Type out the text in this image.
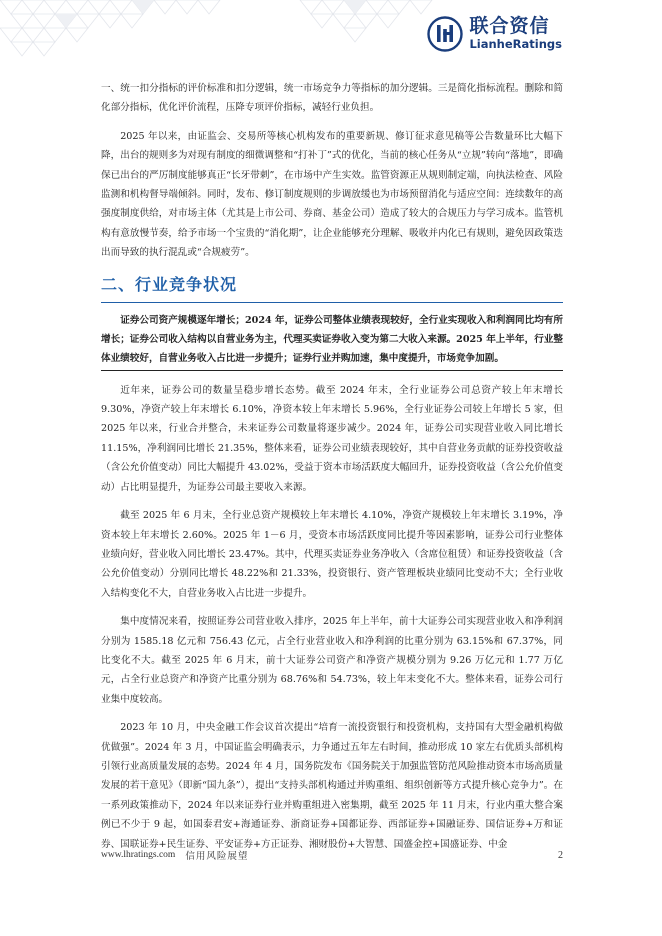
联合资信
LianheRatings

一、统一扣分指标的评价标准和扣分逻辑，统一市场竞争力等指标的加分逻辑。三是简化指标流程。删除和简化部分指标，优化评价流程，压降专项评价指标，减轻行业负担。

2025 年以来，由证监会、交易所等核心机构发布的重要新规、修订征求意见稿等公告数量环比大幅下降，出台的规则多为对现有制度的细微调整和“打补丁”式的优化，当前的核心任务从“立规”转向“落地”，即确保已出台的严厉制度能够真正“长牙带刺”，在市场中产生实效。监管资源正从规则制定端，向执法检查、风险监测和机构督导端倾斜。同时，发布、修订制度规则的步调放缓也为市场预留消化与适应空间：连续数年的高强度制度供给，对市场主体（尤其是上市公司、券商、基金公司）造成了较大的合规压力与学习成本。监管机构有意放慢节奏，给予市场一个宝贵的“消化期”，让企业能够充分理解、吸收并内化已有规则，避免因政策迭出而导致的执行混乱或“合规疲劳”。

二、行业竞争状况

证券公司资产规模逐年增长；2024 年，证券公司整体业绩表现较好，全行业实现收入和利润同比均有所增长；证券公司收入结构以自营业务为主，代理买卖证券收入变为第二大收入来源。2025 年上半年，行业整体业绩较好，自营业务收入占比进一步提升；证券行业并购加速，集中度提升，市场竞争加剧。

近年来，证券公司的数量呈稳步增长态势。截至 2024 年末，全行业证券公司总资产较上年末增长 9.30%，净资产较上年末增长 6.10%，净资本较上年末增长 5.96%，全行业证券公司较上年增长 5 家，但 2025 年以来，行业合并整合，未来证券公司数量将逐步减少。2024 年，证券公司实现营业收入同比增长 11.15%，净利润同比增长 21.35%，整体来看，证券公司业绩表现较好，其中自营业务贡献的证券投资收益（含公允价值变动）同比大幅提升 43.02%，受益于资本市场活跃度大幅回升，证券投资收益（含公允价值变动）占比明显提升，为证券公司最主要收入来源。

截至 2025 年 6 月末，全行业总资产规模较上年末增长 4.10%，净资产规模较上年末增长 3.19%，净资本较上年末增长 2.60%。2025 年 1－6 月，受资本市场活跃度同比提升等因素影响，证券公司行业整体业绩向好，营业收入同比增长 23.47%。其中，代理买卖证券业务净收入（含席位租赁）和证券投资收益（含公允价值变动）分别同比增长 48.22%和 21.33%，投资银行、资产管理板块业绩同比变动不大；全行业收入结构变化不大，自营业务收入占比进一步提升。

集中度情况来看，按照证券公司营业收入排序，2025 年上半年，前十大证券公司实现营业收入和净利润分别为 1585.18 亿元和 756.43 亿元，占全行业营业收入和净利润的比重分别为 63.15%和 67.37%，同比变化不大。截至 2025 年 6 月末，前十大证券公司资产和净资产规模分别为 9.26 万亿元和 1.77 万亿元，占全行业总资产和净资产比重分别为 68.76%和 54.73%，较上年末变化不大。整体来看，证券公司行业集中度较高。

2023 年 10 月，中央金融工作会议首次提出“培育一流投资银行和投资机构，支持国有大型金融机构做优做强”。2024 年 3 月，中国证监会明确表示，力争通过五年左右时间，推动形成 10 家左右优质头部机构引领行业高质量发展的态势。2024 年 4 月，国务院发布《国务院关于加强监管防范风险推动资本市场高质量发展的若干意见》（即新“国九条”），提出“支持头部机构通过并购重组、组织创新等方式提升核心竞争力”。在一系列政策推动下，2024 年以来证券行业并购重组进入密集期，截至 2025 年 11 月末，行业内重大整合案例已不少于 9 起，如国泰君安+海通证券、浙商证券+国都证券、西部证券+国融证券、国信证券+万和证券、国联证券+民生证券、平安证券+方正证券、湘财股份+大智慧、国盛金控+国盛证券、中金

www.lhratings.com 信用风险展望	2
